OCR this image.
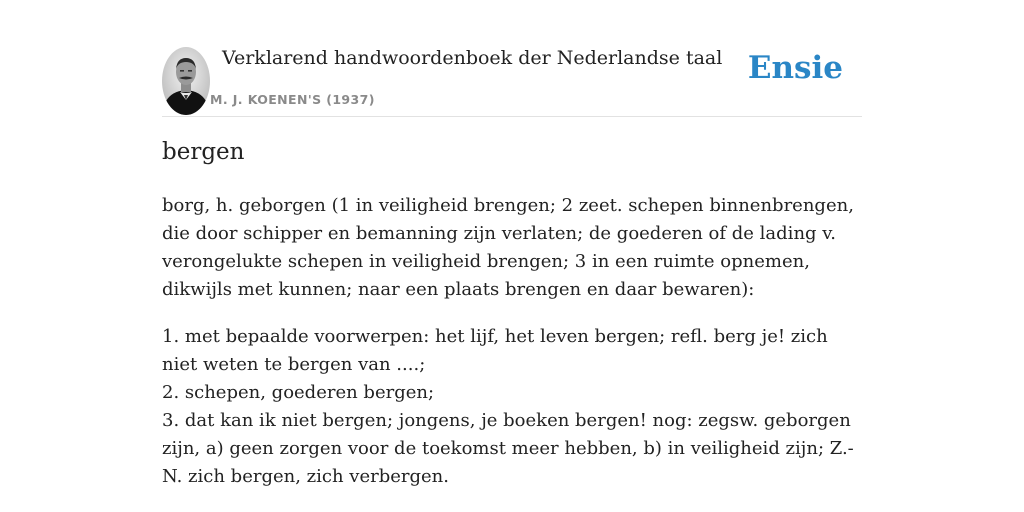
Verklarend handwoordenboek der Nederlandse taal
M. J. KOENEN'S (1937)
Ensie
bergen

borg, h. geborgen (1 in veiligheid brengen; 2 zeet. schepen binnenbrengen, die door schipper en bemanning zijn verlaten; de goederen of de lading v. verongelukte schepen in veiligheid brengen; 3 in een ruimte opnemen, dikwijls met kunnen; naar een plaats brengen en daar bewaren):

1. met bepaalde voorwerpen: het lijf, het leven bergen; refl. berg je! zich niet weten te bergen van ....;
2. schepen, goederen bergen;
3. dat kan ik niet bergen; jongens, je boeken bergen! nog: zegsw. geborgen zijn, a) geen zorgen voor de toekomst meer hebben, b) in veiligheid zijn; Z.-N. zich bergen, zich verbergen.
